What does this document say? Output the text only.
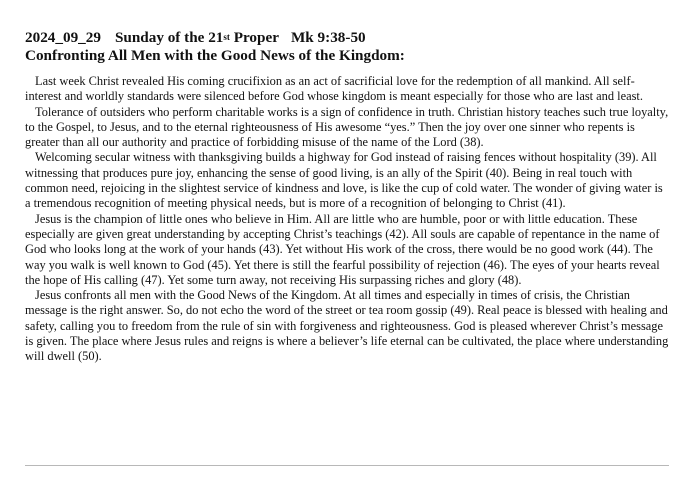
2024_09_29 Sunday of the 21st Proper Mk 9:38-50
Confronting All Men with the Good News of the Kingdom:

Last week Christ revealed His coming crucifixion as an act of sacrificial love for the redemption of all mankind. All self-interest and worldly standards were silenced before God whose kingdom is meant especially for those who are last and least.

Tolerance of outsiders who perform charitable works is a sign of confidence in truth. Christian history teaches such true loyalty, to the Gospel, to Jesus, and to the eternal righteousness of His awesome “yes.” Then the joy over one sinner who repents is greater than all our authority and practice of forbidding misuse of the name of the Lord (38).

Welcoming secular witness with thanksgiving builds a highway for God instead of raising fences without hospitality (39). All witnessing that produces pure joy, enhancing the sense of good living, is an ally of the Spirit (40). Being in real touch with common need, rejoicing in the slightest service of kindness and love, is like the cup of cold water. The wonder of giving water is a tremendous recognition of meeting physical needs, but is more of a recognition of belonging to Christ (41).

Jesus is the champion of little ones who believe in Him. All are little who are humble, poor or with little education. These especially are given great understanding by accepting Christ’s teachings (42). All souls are capable of repentance in the name of God who looks long at the work of your hands (43). Yet without His work of the cross, there would be no good work (44). The way you walk is well known to God (45). Yet there is still the fearful possibility of rejection (46). The eyes of your hearts reveal the hope of His calling (47). Yet some turn away, not receiving His surpassing riches and glory (48).

Jesus confronts all men with the Good News of the Kingdom. At all times and especially in times of crisis, the Christian message is the right answer. So, do not echo the word of the street or tea room gossip (49). Real peace is blessed with healing and safety, calling you to freedom from the rule of sin with forgiveness and righteousness. God is pleased wherever Christ’s message is given. The place where Jesus rules and reigns is where a believer’s life eternal can be cultivated, the place where understanding will dwell (50).
